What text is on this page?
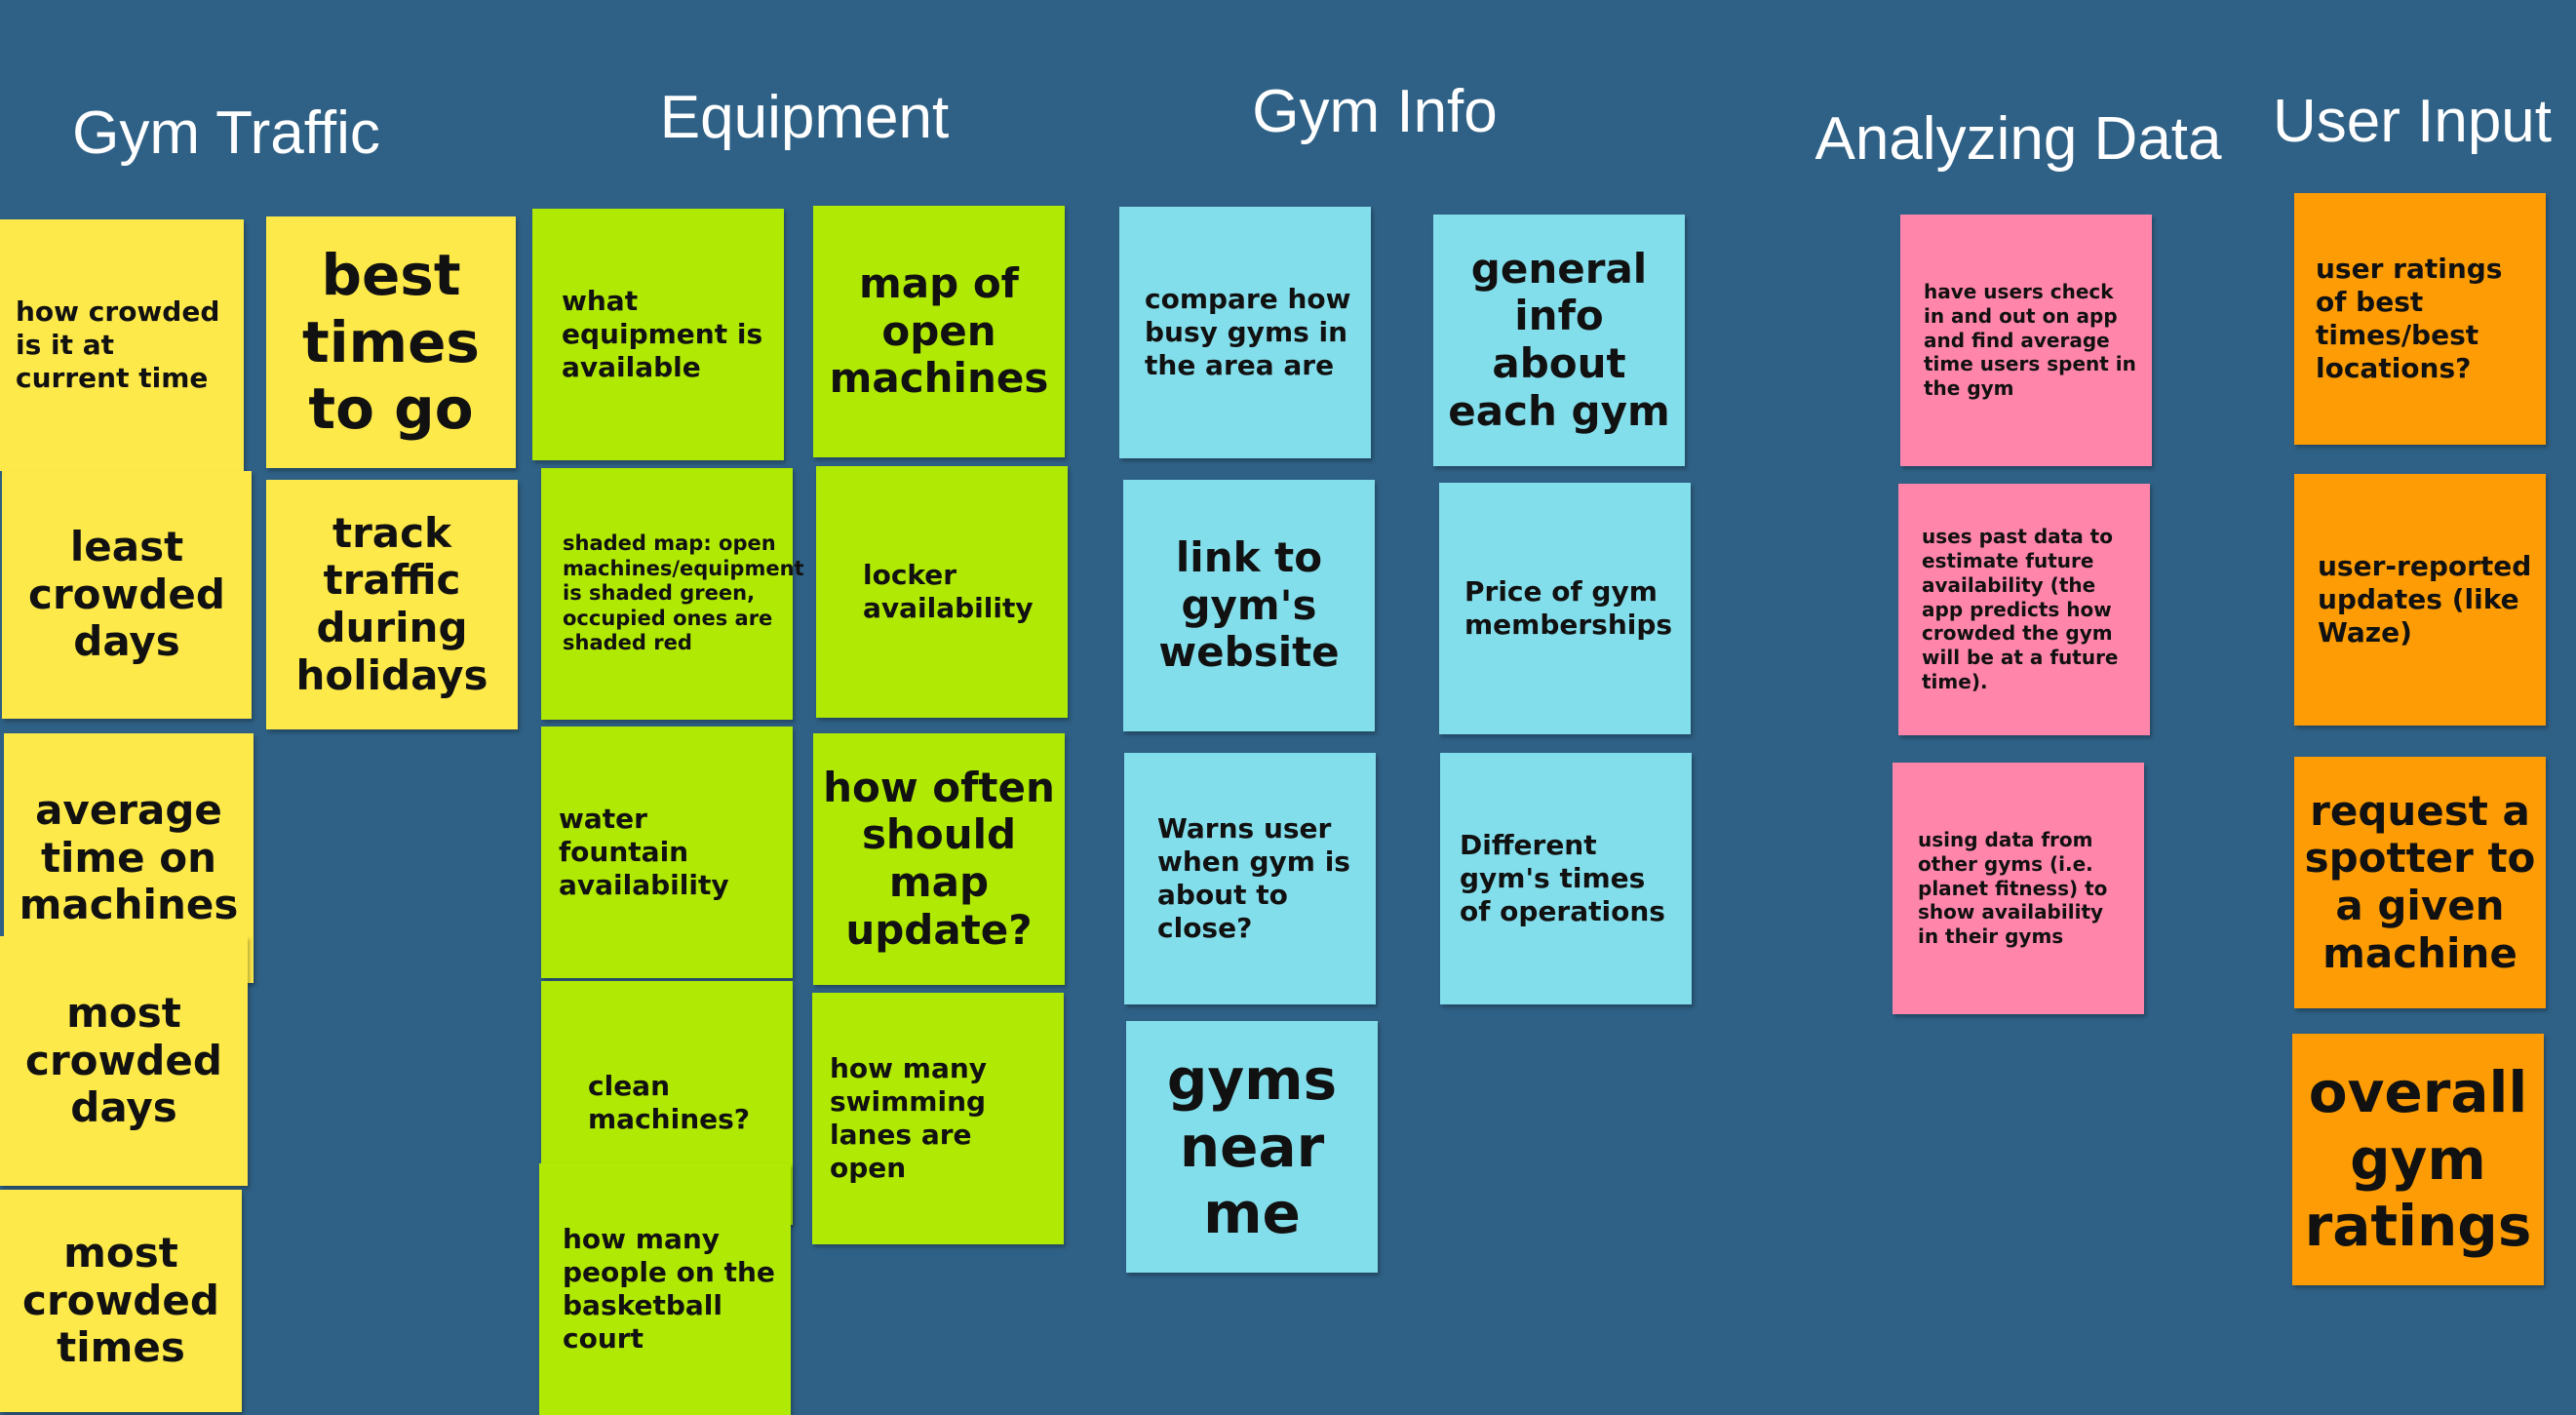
Gym Traffic	Equipment	Gym Info	Analyzing Data User Input
how crowded is it at current time
best times to go
least crowded days
track traffic during holidays
average time on machines
most crowded days
most crowded times
what equipment is available
map of open machines
shaded map: open machines/equipment is shaded green, occupied ones are shaded red
locker availability
water fountain availability
how often should map update?
clean machines?
how many swimming lanes are open
how many people on the basketball court
compare how busy gyms in the area are
general info about each gym
link to gym's website
Price of gym memberships
Warns user when gym is about to close?
Different gym's times of operations
gyms near me
have users check in and out on app and find average time users spent in the gym
uses past data to estimate future availability (the app predicts how crowded the gym will be at a future time).
using data from other gyms (i.e. planet fitness) to show availability in their gyms
user ratings of best times/best locations?
user-reported updates (like Waze)
request a spotter to a given machine
overall gym ratings
